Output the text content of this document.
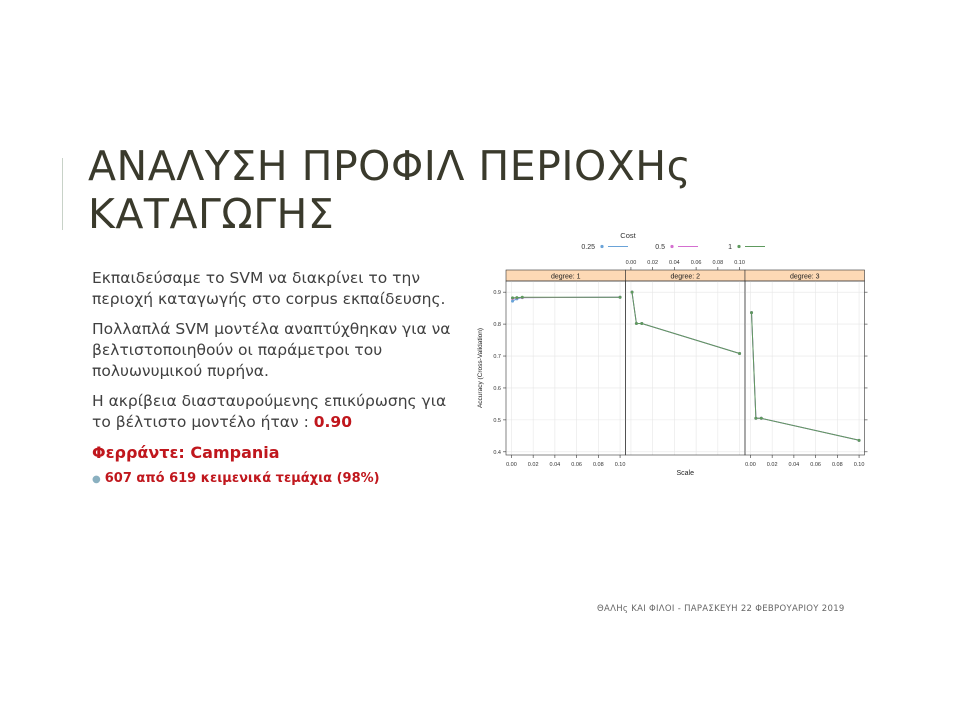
ΑΝΑΛΥΣΗ ΠΡΟΦΙΛ ΠΕΡΙΟΧΗς
ΚΑΤΑΓΩΓΗΣ

Εκπαιδεύσαμε το SVM να διακρίνει το την περιοχή καταγωγής στο corpus εκπαίδευσης.

Πολλαπλά SVM μοντέλα αναπτύχθηκαν για να βελτιστοποιηθούν οι παράμετροι του πολυωνυμικού πυρήνα.

Η ακρίβεια διασταυρούμενης επικύρωσης για το βέλτιστο μοντέλο ήταν : 0.90

Φερράντε: Campania
● 607 από 619 κειμενικά τεμάχια (98%)
Cost
0.25	0.5	1
degree: 1	degree: 2	degree: 3
0.00 0.02 0.04 0.06 0.08 0.10
0.00 0.02 0.04 0.06 0.08 0.10
0.00 0.02 0.04 0.06 0.08 0.10
0.4
0.5
0.6
0.7
0.8
0.9
Scale
Accuracy (Cross-Validation)
ΘΑΛΗς ΚΑΙ ΦΙΛΟΙ - ΠΑΡΑΣΚΕΥΗ 22 ΦΕΒΡΟΥΑΡΙΟΥ 2019
